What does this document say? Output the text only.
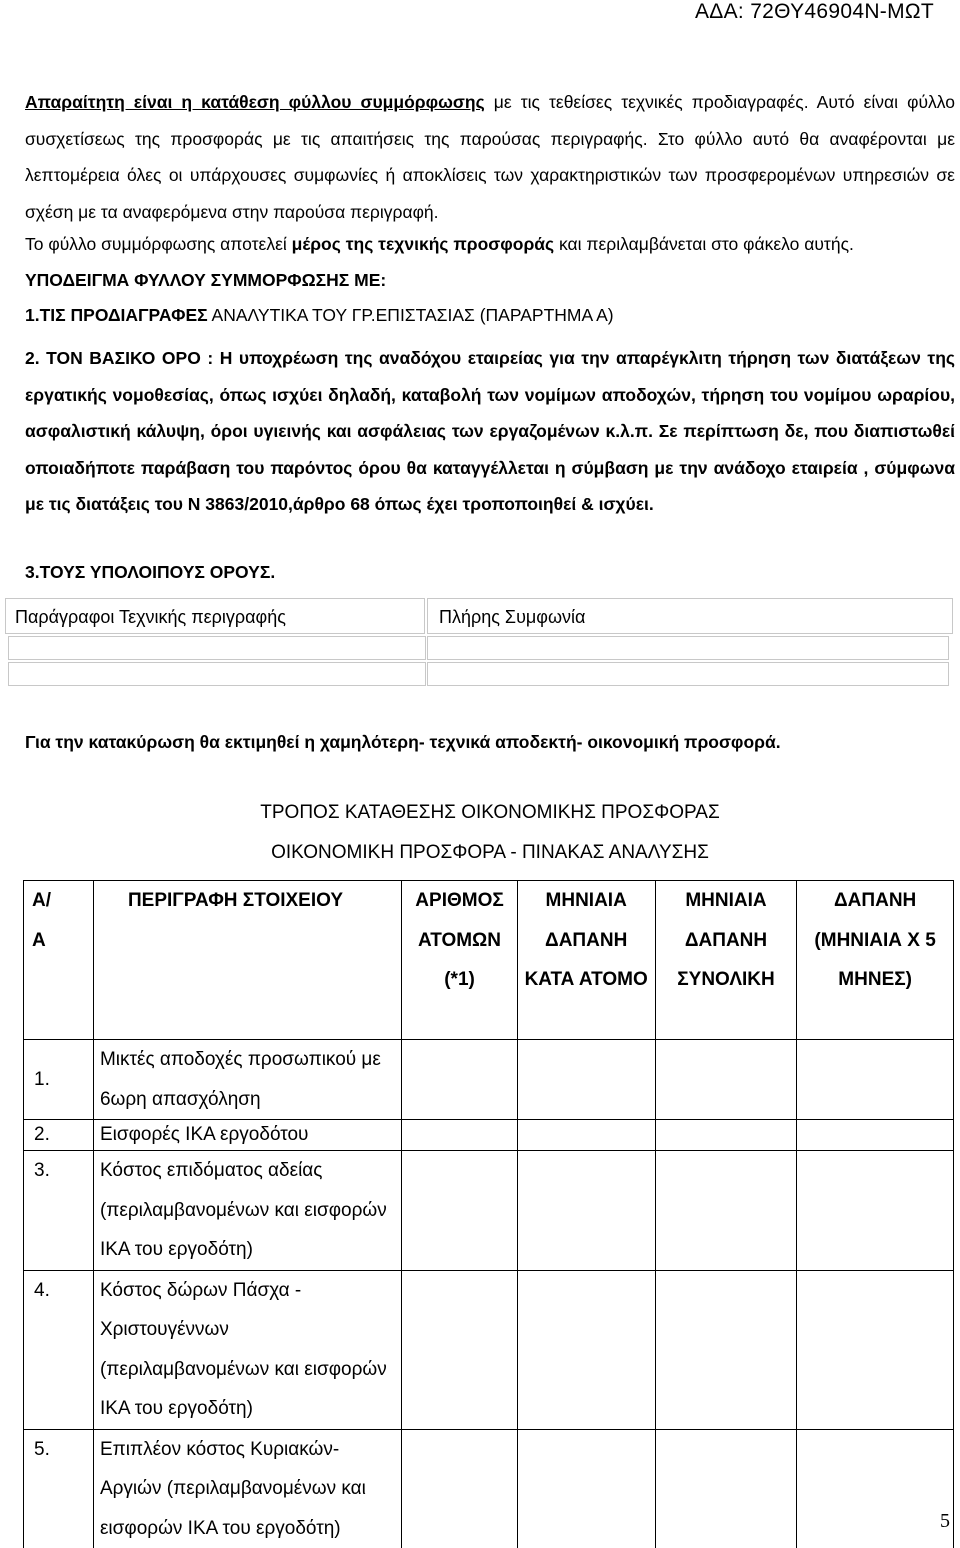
ΑΔΑ: 72ΘΥ46904Ν-ΜΩΤ
Απαραίτητη είναι η κατάθεση φύλλου συμμόρφωσης με τις τεθείσες τεχνικές προδιαγραφές. Αυτό είναι φύλλο συσχετίσεως της προσφοράς με τις απαιτήσεις της παρούσας περιγραφής. Στο φύλλο αυτό θα αναφέρονται με λεπτομέρεια όλες οι υπάρχουσες συμφωνίες ή αποκλίσεις των χαρακτηριστικών των προσφερομένων υπηρεσιών σε σχέση με τα αναφερόμενα στην παρούσα περιγραφή.
Το φύλλο συμμόρφωσης αποτελεί μέρος της τεχνικής προσφοράς και περιλαμβάνεται στο φάκελο αυτής.
ΥΠΟΔΕΙΓΜΑ ΦΥΛΛΟΥ ΣΥΜΜΟΡΦΩΣΗΣ ΜΕ:
1.ΤΙΣ ΠΡΟΔΙΑΓΡΑΦΕΣ ΑΝΑΛΥΤΙΚΑ ΤΟΥ ΓΡ.ΕΠΙΣΤΑΣΙΑΣ (ΠΑΡΑΡΤΗΜΑ Α)
2. ΤΟΝ ΒΑΣΙΚΟ ΟΡΟ : Η υποχρέωση της αναδόχου εταιρείας για την απαρέγκλιτη τήρηση των διατάξεων της εργατικής νομοθεσίας, όπως ισχύει δηλαδή, καταβολή των νομίμων αποδοχών, τήρηση του νομίμου ωραρίου, ασφαλιστική κάλυψη, όροι υγιεινής και ασφάλειας των εργαζομένων κ.λ.π. Σε περίπτωση δε, που διαπιστωθεί οποιαδήποτε παράβαση του παρόντος όρου θα καταγγέλλεται η σύμβαση με την ανάδοχο εταιρεία , σύμφωνα με τις διατάξεις του Ν 3863/2010,άρθρο 68 όπως έχει τροποποιηθεί & ισχύει.
3.ΤΟΥΣ ΥΠΟΛΟΙΠΟΥΣ ΟΡΟΥΣ.
Παράγραφοι Τεχνικής περιγραφής	Πλήρης Συμφωνία
Για την κατακύρωση θα εκτιμηθεί η χαμηλότερη- τεχνικά αποδεκτή- οικονομική προσφορά.
ΤΡΟΠΟΣ ΚΑΤΑΘΕΣΗΣ ΟΙΚΟΝΟΜΙΚΗΣ ΠΡΟΣΦΟΡΑΣ
ΟΙΚΟΝΟΜΙΚΗ ΠΡΟΣΦΟΡΑ - ΠΙΝΑΚΑΣ ΑΝΑΛΥΣΗΣ
Α/ Α	ΠΕΡΙΓΡΑΦΗ ΣΤΟΙΧΕΙΟΥ	ΑΡΙΘΜΟΣ ΑΤΟΜΩΝ (*1)	ΜΗΝΙΑΙΑ ΔΑΠΑΝΗ ΚΑΤΑ ΑΤΟΜΟ	ΜΗΝΙΑΙΑ ΔΑΠΑΝΗ ΣΥΝΟΛΙΚΗ	ΔΑΠΑΝΗ (ΜΗΝΙΑΙΑ Χ 5 ΜΗΝΕΣ)
1.	Μικτές αποδοχές προσωπικού με 6ωρη απασχόληση				
2.	Εισφορές ΙΚΑ εργοδότου				
3.	Κόστος επιδόματος αδείας (περιλαμβανομένων και εισφορών ΙΚΑ του εργοδότη)				
4.	Κόστος δώρων Πάσχα - Χριστουγέννων (περιλαμβανομένων και εισφορών ΙΚΑ του εργοδότη)				
5.	Επιπλέον κόστος Κυριακών- Αργιών (περιλαμβανομένων και εισφορών ΙΚΑ του εργοδότη)					5
